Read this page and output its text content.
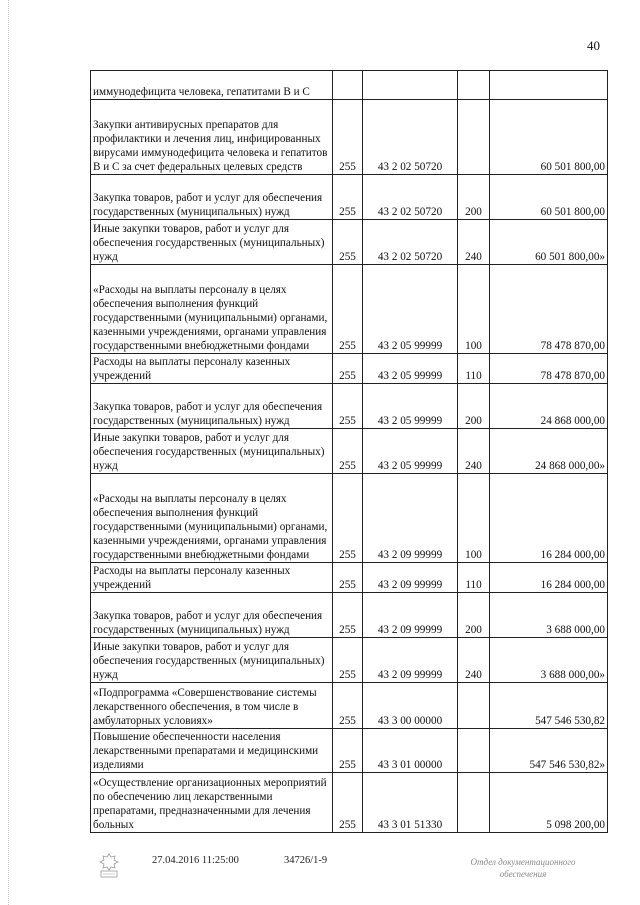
40
иммунодефицита человека, гепатитами В и С				
Закупки антивирусных препаратов для профилактики и лечения лиц, инфицированных вирусами иммунодефицита человека и гепатитов В и С за счет федеральных целевых средств	255	43 2 02 50720		60 501 800,00
Закупка товаров, работ и услуг для обеспечения государственных (муниципальных) нужд	255	43 2 02 50720	200	60 501 800,00
Иные закупки товаров, работ и услуг для обеспечения государственных (муниципальных) нужд	255	43 2 02 50720	240	60 501 800,00»
«Расходы на выплаты персоналу в целях обеспечения выполнения функций государственными (муниципальными) органами, казенными учреждениями, органами управления государственными внебюджетными фондами	255	43 2 05 99999	100	78 478 870,00
Расходы на выплаты персоналу казенных учреждений	255	43 2 05 99999	110	78 478 870,00
Закупка товаров, работ и услуг для обеспечения государственных (муниципальных) нужд	255	43 2 05 99999	200	24 868 000,00
Иные закупки товаров, работ и услуг для обеспечения государственных (муниципальных) нужд	255	43 2 05 99999	240	24 868 000,00»
«Расходы на выплаты персоналу в целях обеспечения выполнения функций государственными (муниципальными) органами, казенными учреждениями, органами управления государственными внебюджетными фондами	255	43 2 09 99999	100	16 284 000,00
Расходы на выплаты персоналу казенных учреждений	255	43 2 09 99999	110	16 284 000,00
Закупка товаров, работ и услуг для обеспечения государственных (муниципальных) нужд	255	43 2 09 99999	200	3 688 000,00
Иные закупки товаров, работ и услуг для обеспечения государственных (муниципальных) нужд	255	43 2 09 99999	240	3 688 000,00»
«Подпрограмма «Совершенствование системы лекарственного обеспечения, в том числе в амбулаторных условиях»	255	43 3 00 00000		547 546 530,82
Повышение обеспеченности населения лекарственными препаратами и медицинскими изделиями	255	43 3 01 00000		547 546 530,82»
«Осуществление организационных мероприятий по обеспечению лиц лекарственными препаратами, предназначенными для лечения больных	255	43 3 01 51330		5 098 200,00
27.04.2016 11:25:00	34726/1-9	Отдел документационного
обеспечения
